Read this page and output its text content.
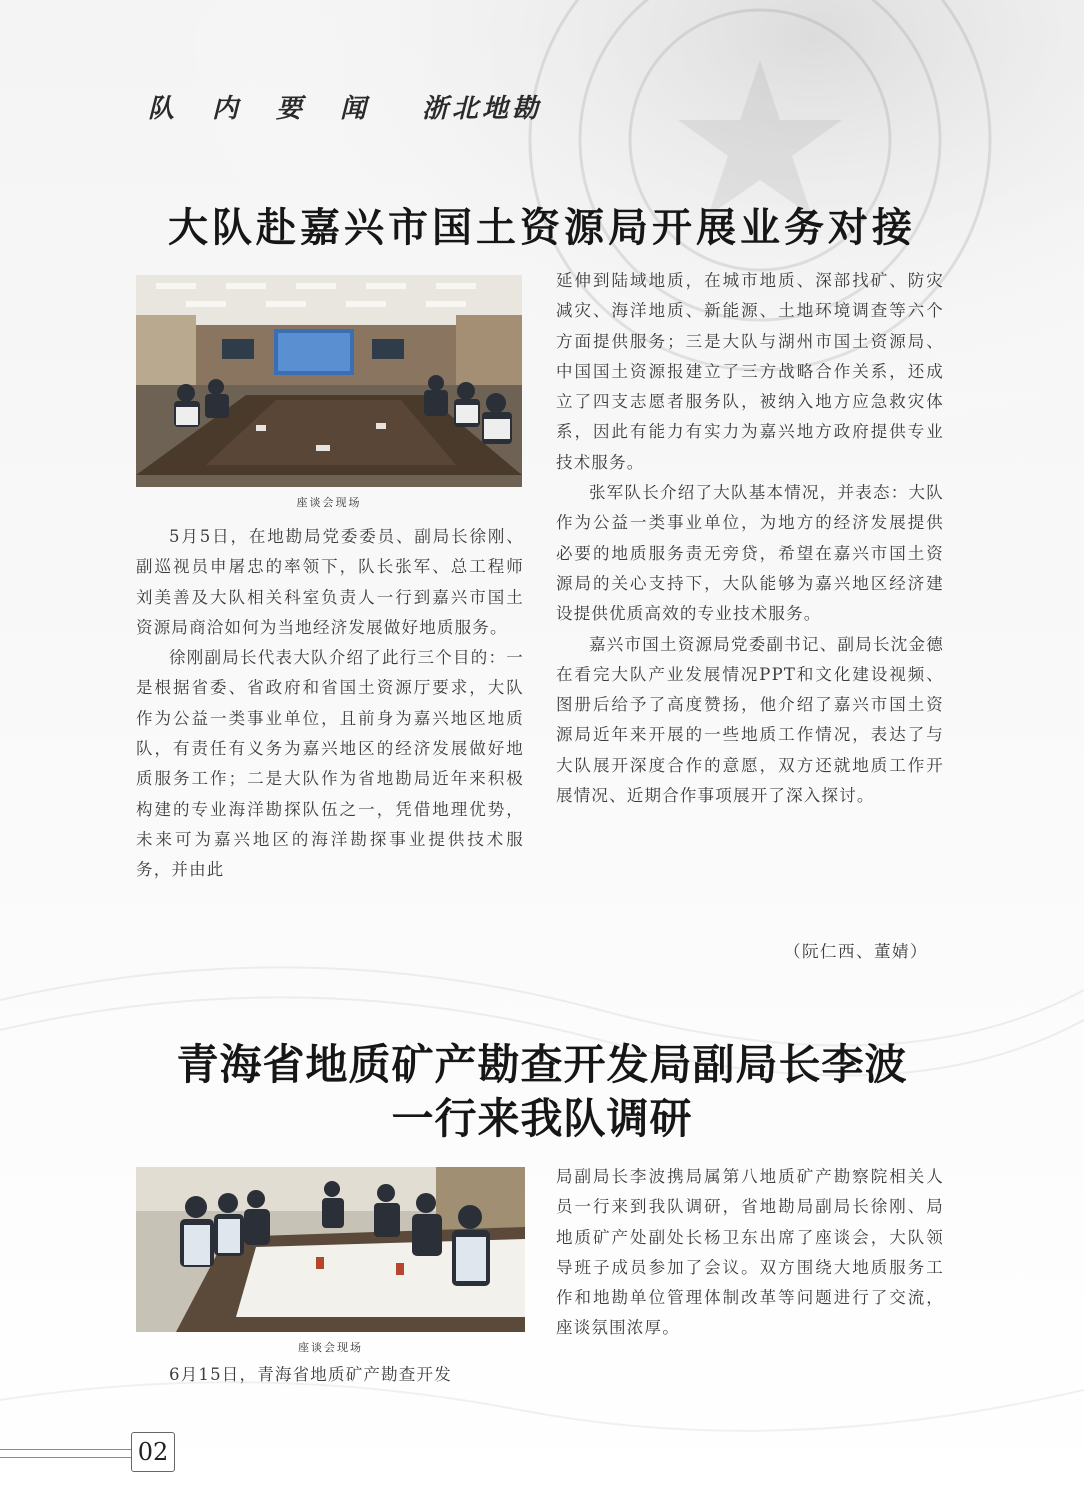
队内要闻 浙北地勘
大队赴嘉兴市国土资源局开展业务对接
座谈会现场

5月5日，在地勘局党委委员、副局长徐刚、副巡视员申屠忠的率领下，队长张军、总工程师刘美善及大队相关科室负责人一行到嘉兴市国土资源局商洽如何为当地经济发展做好地质服务。

徐刚副局长代表大队介绍了此行三个目的：一是根据省委、省政府和省国土资源厅要求，大队作为公益一类事业单位，且前身为嘉兴地区地质队，有责任有义务为嘉兴地区的经济发展做好地质服务工作；二是大队作为省地勘局近年来积极构建的专业海洋勘探队伍之一，凭借地理优势，未来可为嘉兴地区的海洋勘探事业提供技术服务，并由此

延伸到陆域地质，在城市地质、深部找矿、防灾减灾、海洋地质、新能源、土地环境调查等六个方面提供服务；三是大队与湖州市国土资源局、中国国土资源报建立了三方战略合作关系，还成立了四支志愿者服务队，被纳入地方应急救灾体系，因此有能力有实力为嘉兴地方政府提供专业技术服务。

张军队长介绍了大队基本情况，并表态：大队作为公益一类事业单位，为地方的经济发展提供必要的地质服务责无旁贷，希望在嘉兴市国土资源局的关心支持下，大队能够为嘉兴地区经济建设提供优质高效的专业技术服务。

嘉兴市国土资源局党委副书记、副局长沈金德在看完大队产业发展情况PPT和文化建设视频、图册后给予了高度赞扬，他介绍了嘉兴市国土资源局近年来开展的一些地质工作情况，表达了与大队展开深度合作的意愿，双方还就地质工作开展情况、近期合作事项展开了深入探讨。

（阮仁西、董婧）
青海省地质矿产勘查开发局副局长李波
一行来我队调研
座谈会现场

6月15日，青海省地质矿产勘查开发

局副局长李波携局属第八地质矿产勘察院相关人员一行来到我队调研，省地勘局副局长徐刚、局地质矿产处副处长杨卫东出席了座谈会，大队领导班子成员参加了会议。双方围绕大地质服务工作和地勘单位管理体制改革等问题进行了交流，座谈氛围浓厚。

02
